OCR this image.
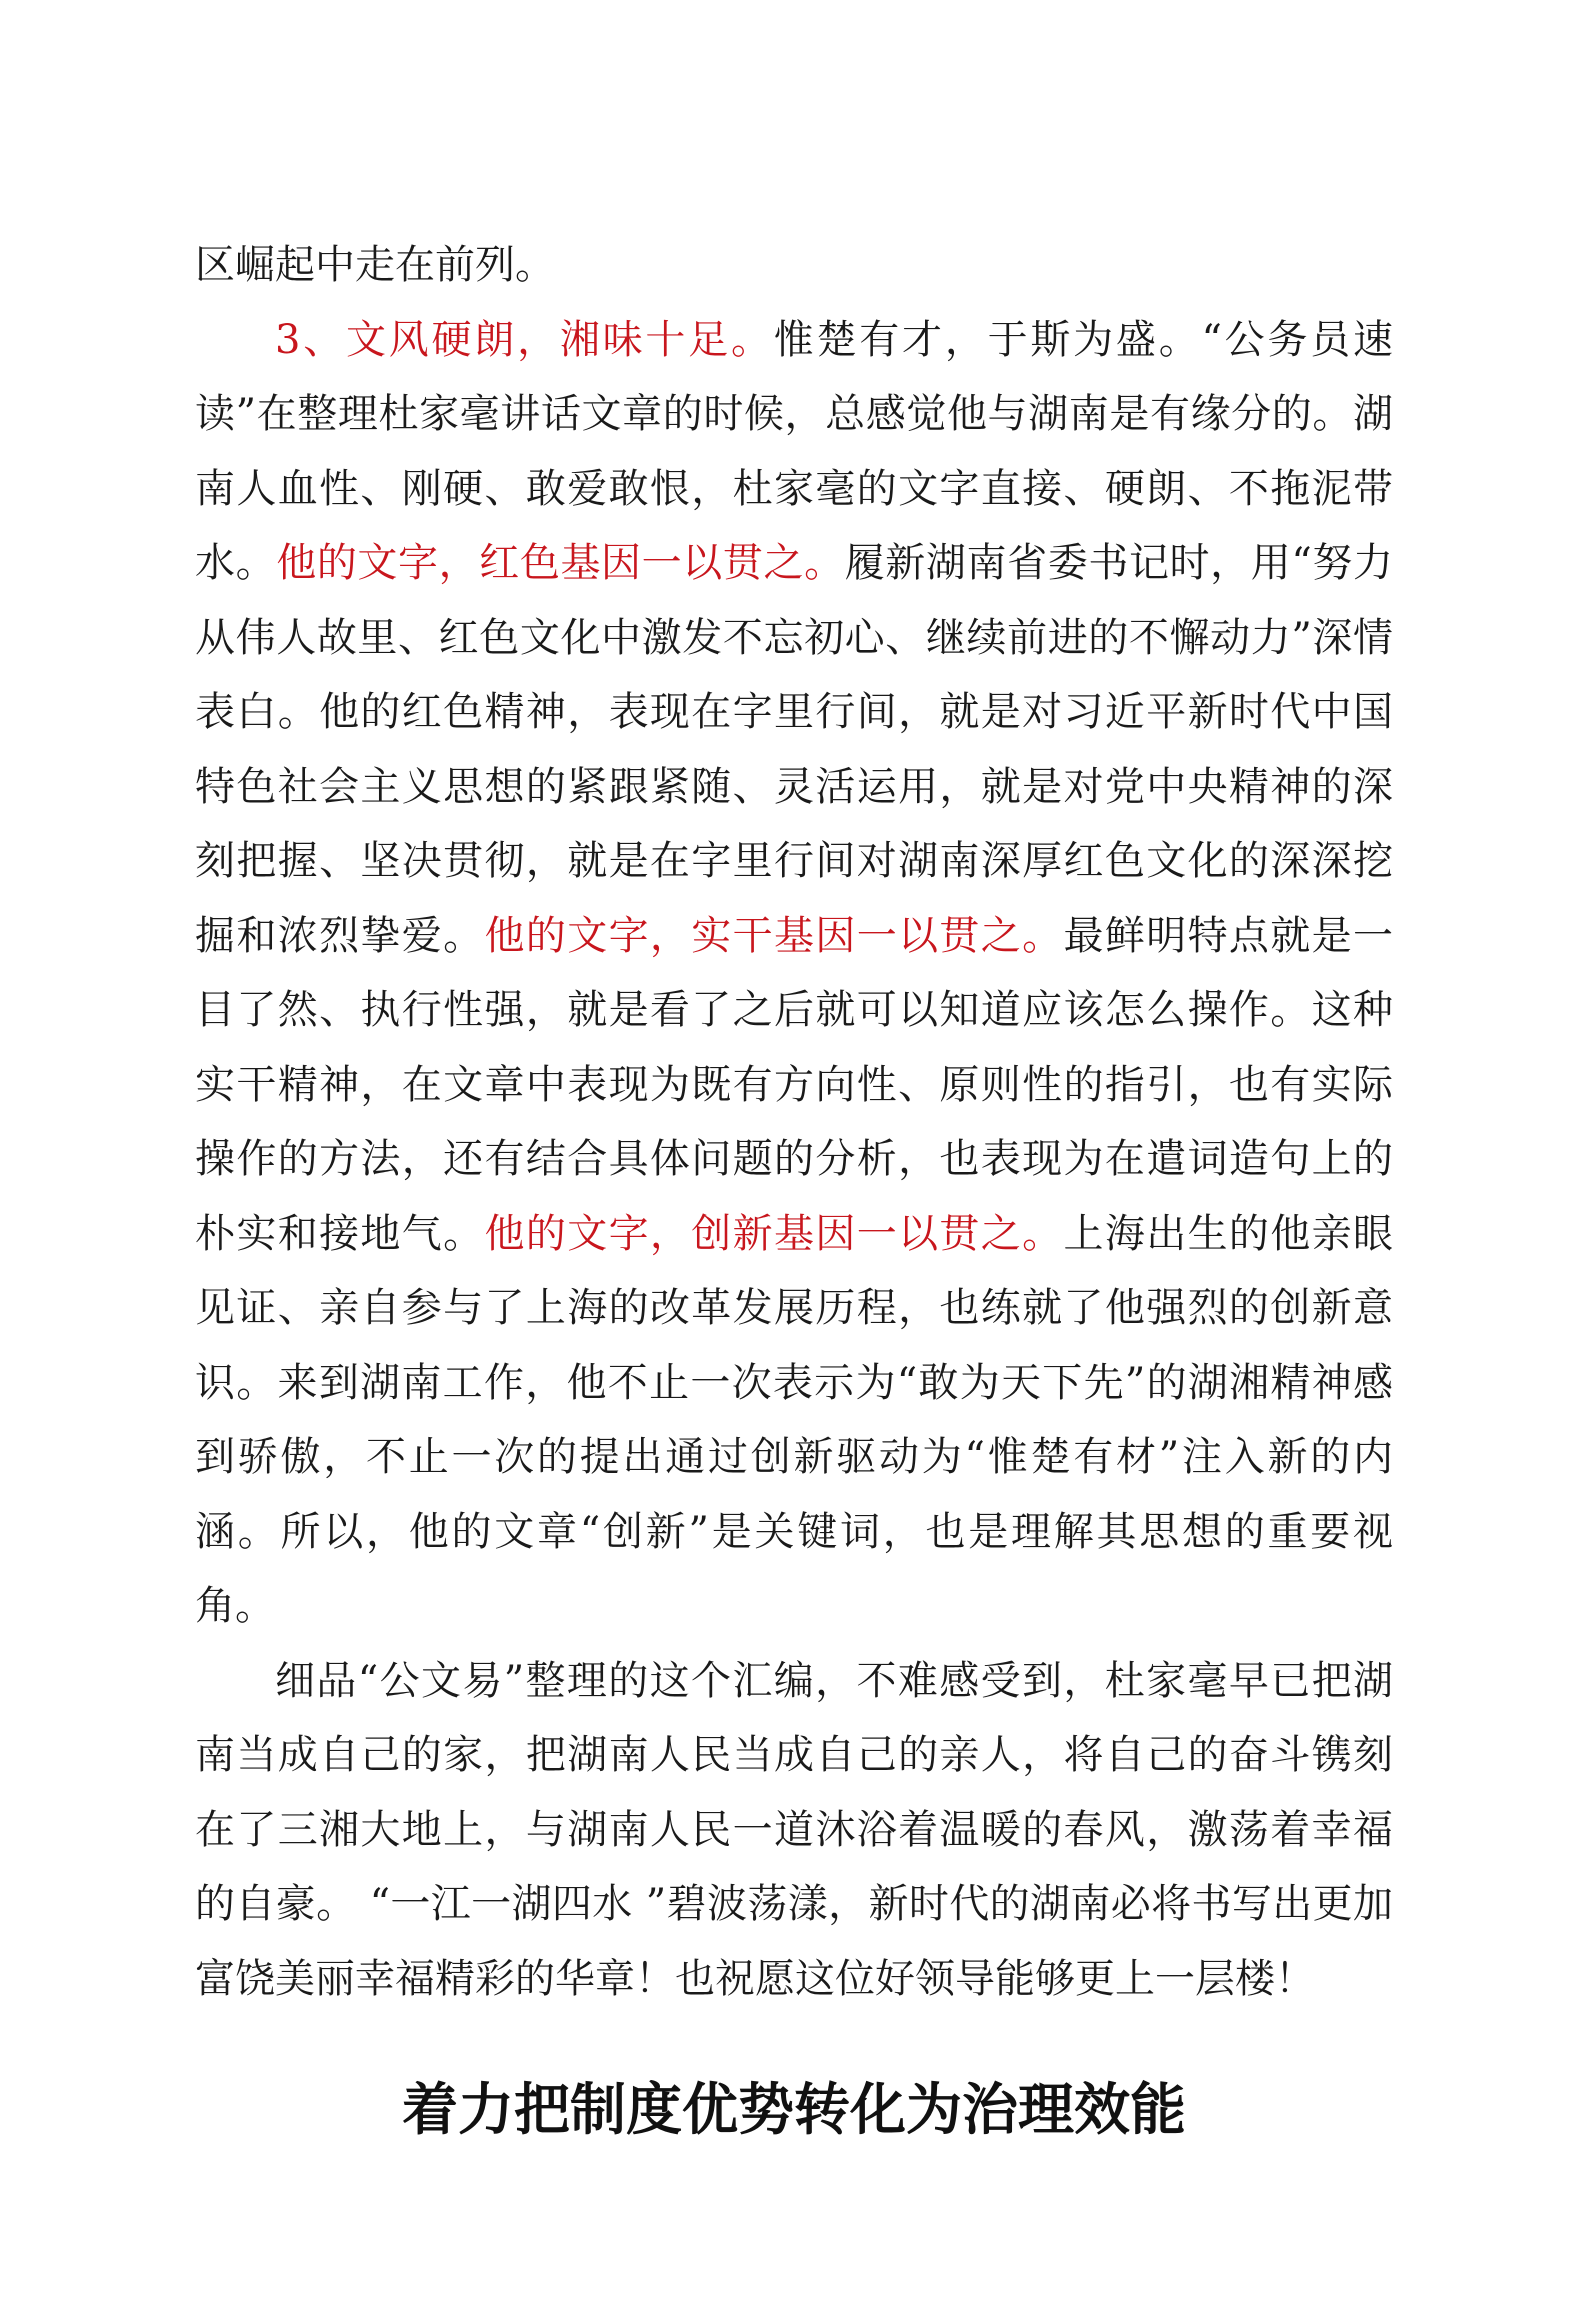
区崛起中走在前列。

3、文风硬朗，湘味十足。惟楚有才，于斯为盛。“公务员速读”在整理杜家毫讲话文章的时候，总感觉他与湖南是有缘分的。湖南人血性、刚硬、敢爱敢恨，杜家毫的文字直接、硬朗、不拖泥带水。他的文字，红色基因一以贯之。履新湖南省委书记时，用“努力从伟人故里、红色文化中激发不忘初心、继续前进的不懈动力”深情表白。他的红色精神，表现在字里行间，就是对习近平新时代中国特色社会主义思想的紧跟紧随、灵活运用，就是对党中央精神的深刻把握、坚决贯彻，就是在字里行间对湖南深厚红色文化的深深挖掘和浓烈挚爱。他的文字，实干基因一以贯之。最鲜明特点就是一目了然、执行性强，就是看了之后就可以知道应该怎么操作。这种实干精神，在文章中表现为既有方向性、原则性的指引，也有实际操作的方法，还有结合具体问题的分析，也表现为在遣词造句上的朴实和接地气。他的文字，创新基因一以贯之。上海出生的他亲眼见证、亲自参与了上海的改革发展历程，也练就了他强烈的创新意识。来到湖南工作，他不止一次表示为“敢为天下先”的湖湘精神感到骄傲，不止一次的提出通过创新驱动为“惟楚有材”注入新的内涵。所以，他的文章“创新”是关键词，也是理解其思想的重要视角。

细品“公文易”整理的这个汇编，不难感受到，杜家毫早已把湖南当成自己的家，把湖南人民当成自己的亲人，将自己的奋斗镌刻在了三湘大地上，与湖南人民一道沐浴着温暖的春风，激荡着幸福的自豪。 “一江一湖四水 ”碧波荡漾，新时代的湖南必将书写出更加富饶美丽幸福精彩的华章！也祝愿这位好领导能够更上一层楼！

着力把制度优势转化为治理效能
